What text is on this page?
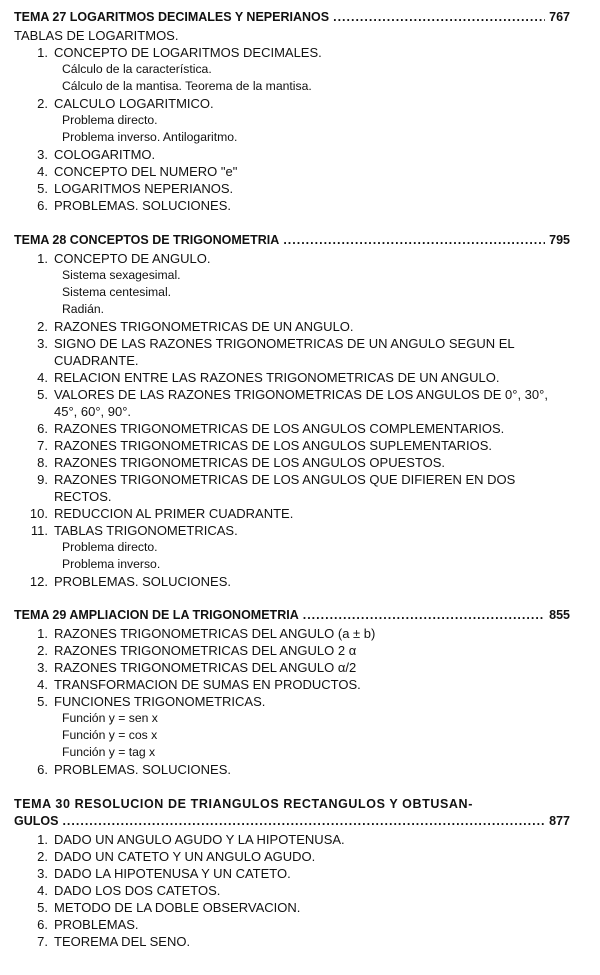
TEMA 27 LOGARITMOS DECIMALES Y NEPERIANOS .....	767
TABLAS DE LOGARITMOS.
1. CONCEPTO DE LOGARITMOS DECIMALES.
Cálculo de la característica.
Cálculo de la mantisa. Teorema de la mantisa.
2. CALCULO LOGARITMICO.
Problema directo.
Problema inverso. Antilogaritmo.
3. COLOGARITMO.
4. CONCEPTO DEL NUMERO "e"
5. LOGARITMOS NEPERIANOS.
6. PROBLEMAS. SOLUCIONES.
TEMA 28 CONCEPTOS DE TRIGONOMETRIA .....	795
1. CONCEPTO DE ANGULO.
Sistema sexagesimal.
Sistema centesimal.
Radián.
2. RAZONES TRIGONOMETRICAS DE UN ANGULO.
3. SIGNO DE LAS RAZONES TRIGONOMETRICAS DE UN ANGULO SEGUN EL CUADRANTE.
4. RELACION ENTRE LAS RAZONES TRIGONOMETRICAS DE UN ANGULO.
5. VALORES DE LAS RAZONES TRIGONOMETRICAS DE LOS ANGULOS DE 0°, 30°, 45°, 60°, 90°.
6. RAZONES TRIGONOMETRICAS DE LOS ANGULOS COMPLEMENTARIOS.
7. RAZONES TRIGONOMETRICAS DE LOS ANGULOS SUPLEMENTARIOS.
8. RAZONES TRIGONOMETRICAS DE LOS ANGULOS OPUESTOS.
9. RAZONES TRIGONOMETRICAS DE LOS ANGULOS QUE DIFIEREN EN DOS RECTOS.
10. REDUCCION AL PRIMER CUADRANTE.
11. TABLAS TRIGONOMETRICAS.
Problema directo.
Problema inverso.
12. PROBLEMAS. SOLUCIONES.
TEMA 29 AMPLIACION DE LA TRIGONOMETRIA .....	855
1. RAZONES TRIGONOMETRICAS DEL ANGULO (a ± b)
2. RAZONES TRIGONOMETRICAS DEL ANGULO 2 α
3. RAZONES TRIGONOMETRICAS DEL ANGULO α/2
4. TRANSFORMACION DE SUMAS EN PRODUCTOS.
5. FUNCIONES TRIGONOMETRICAS.
Función y = sen x
Función y = cos x
Función y = tag x
6. PROBLEMAS. SOLUCIONES.
TEMA 30 RESOLUCION DE TRIANGULOS RECTANGULOS Y OBTUSAN-
GULOS .....	877
1. DADO UN ANGULO AGUDO Y LA HIPOTENUSA.
2. DADO UN CATETO Y UN ANGULO AGUDO.
3. DADO LA HIPOTENUSA Y UN CATETO.
4. DADO LOS DOS CATETOS.
5. METODO DE LA DOBLE OBSERVACION.
6. PROBLEMAS.
7. TEOREMA DEL SENO.
